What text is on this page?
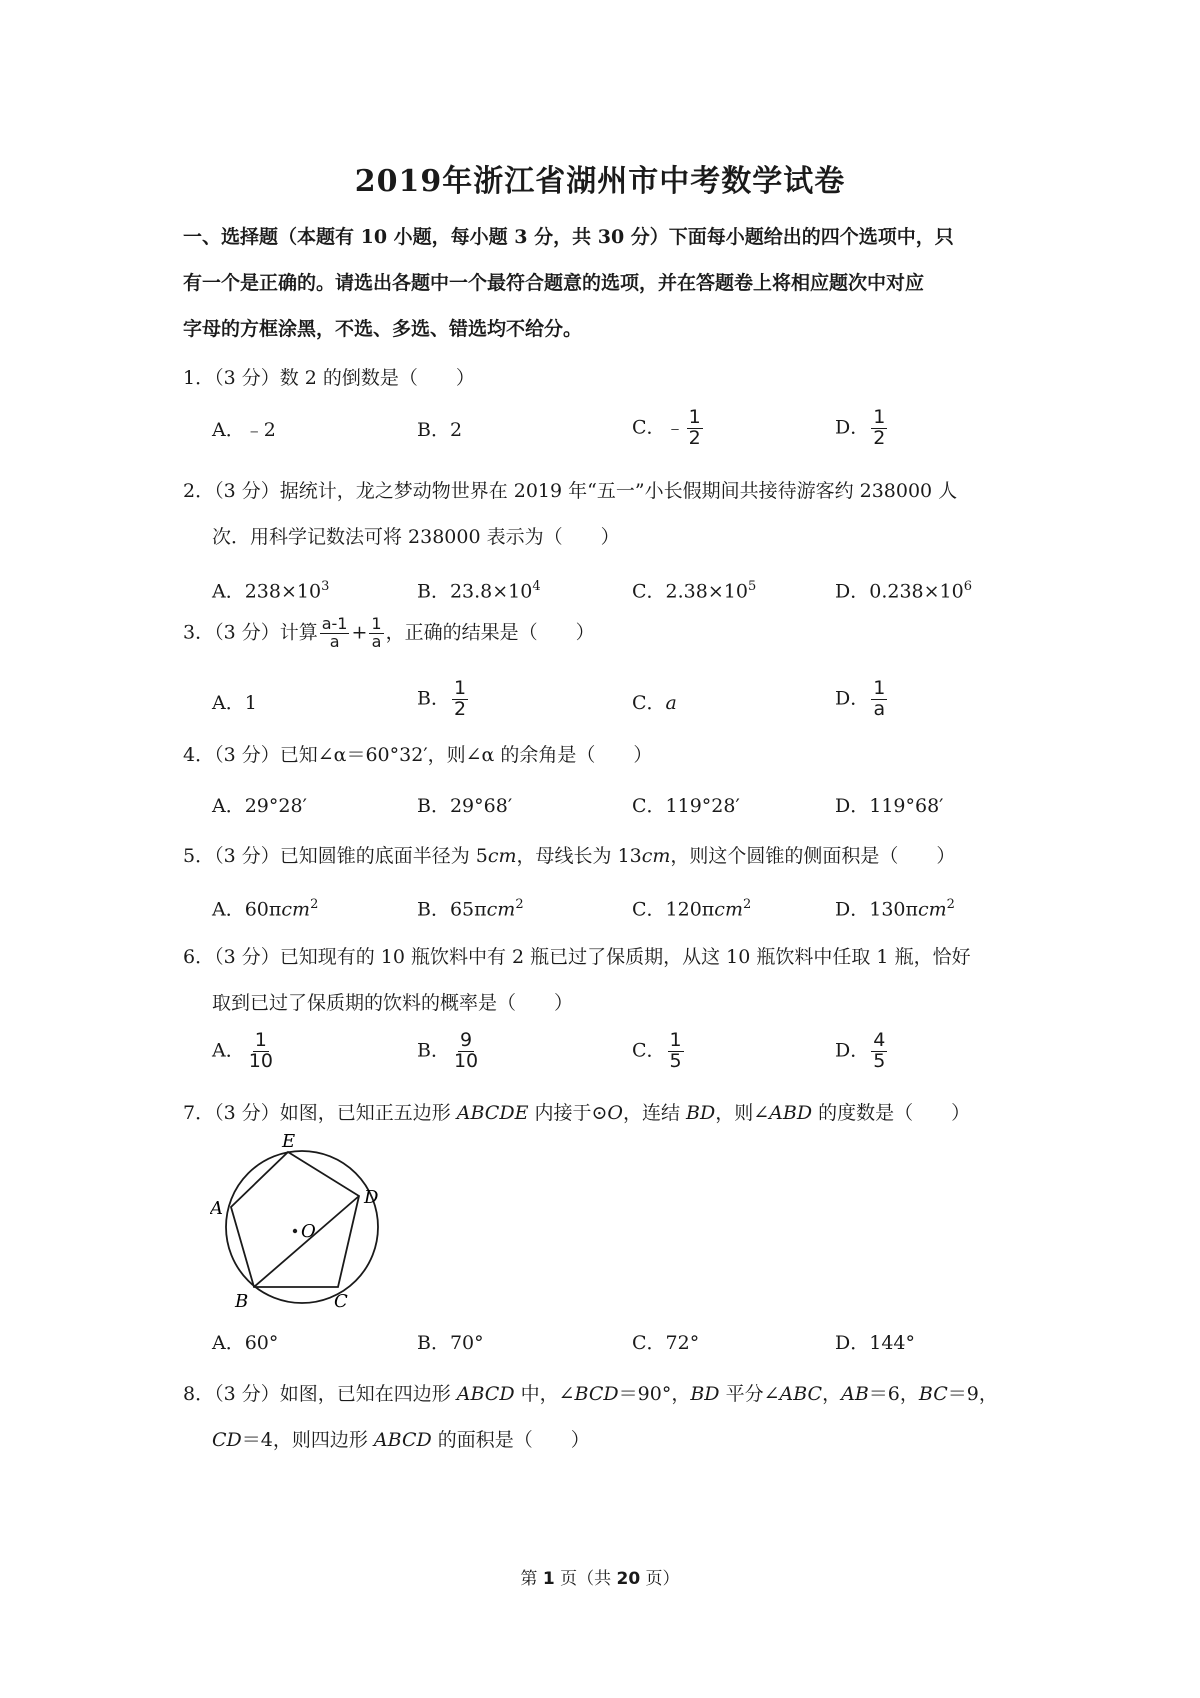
2019年浙江省湖州市中考数学试卷
一、选择题（本题有 10 小题，每小题 3 分，共 30 分）下面每小题给出的四个选项中，只
有一个是正确的。请选出各题中一个最符合题意的选项，并在答题卷上将相应题次中对应
字母的方框涂黑，不选、多选、错选均不给分。
1．（3 分）数 2 的倒数是（　　）
A．﹣2	B．2	C．﹣ $\frac{1}{2}$	D． $\frac{1}{2}$
2．（3 分）据统计，龙之梦动物世界在 2019 年“五一”小长假期间共接待游客约 238000 人
次．用科学记数法可将 238000 表示为（　　）
A．$238\times 10^3$	B．$23.8\times 10^4$	C．$2.38\times 10^5$	D．$0.238\times 10^6$
3．（3 分）计算 $\frac{a-1}{a} + \frac{1}{a}$ ，正确的结果是（　　）
A．1	B． $\frac{1}{2}$	C．a	D． $\frac{1}{a}$
4．（3 分）已知∠α＝60°32′，则∠α 的余角是（　　）
A．29°28′	B．29°68′	C．119°28′	D．119°68′
5．（3 分）已知圆锥的底面半径为 5cm，母线长为 13cm，则这个圆锥的侧面积是（　　）
A．60πcm$^2$	B．65πcm$^2$	C．120πcm$^2$	D．130πcm$^2$
6．（3 分）已知现有的 10 瓶饮料中有 2 瓶已过了保质期，从这 10 瓶饮料中任取 1 瓶，恰好
取到已过了保质期的饮料的概率是（　　）
A． $\frac{1}{10}$	B． $\frac{9}{10}$	C． $\frac{1}{5}$	D． $\frac{4}{5}$
7．（3 分）如图，已知正五边形 ABCDE 内接于⊙O，连结 BD，则∠ABD 的度数是（　　）
E
A
D
O
B	C
A．60°	B．70°	C．72°	D．144°
8．（3 分）如图，已知在四边形 ABCD 中，∠BCD＝90°，BD 平分∠ABC，AB＝6，BC＝9，
CD＝4，则四边形 ABCD 的面积是（　　）
第 1 页（共 20 页）
